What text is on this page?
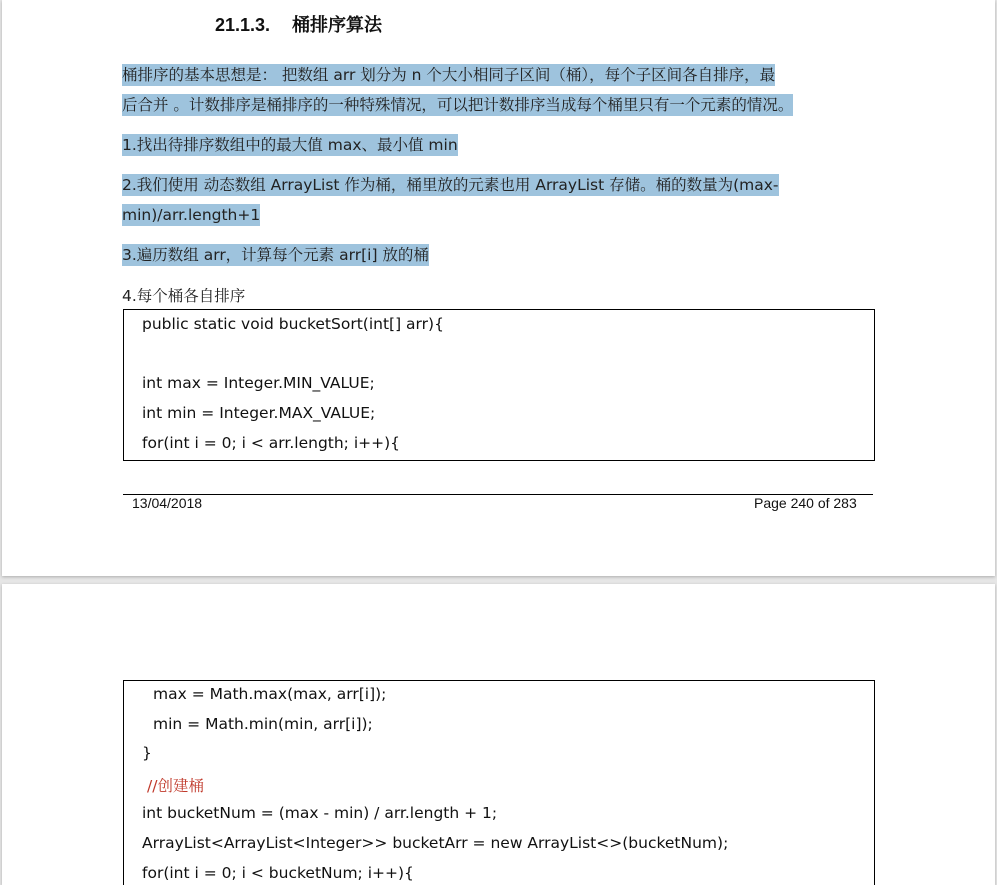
21.1.3. 桶排序算法
桶排序的基本思想是： 把数组 arr 划分为 n 个大小相同子区间（桶），每个子区间各自排序，最
后合并 。计数排序是桶排序的一种特殊情况，可以把计数排序当成每个桶里只有一个元素的情况。
1.找出待排序数组中的最大值 max、最小值 min
2.我们使用 动态数组 ArrayList 作为桶，桶里放的元素也用 ArrayList 存储。桶的数量为(max-
min)/arr.length+1
3.遍历数组 arr，计算每个元素 arr[i] 放的桶
4.每个桶各自排序
public static void bucketSort(int[] arr){
int max = Integer.MIN_VALUE;
int min = Integer.MAX_VALUE;
for(int i = 0; i < arr.length; i++){
13/04/2018	Page 240 of 283
max = Math.max(max, arr[i]);
min = Math.min(min, arr[i]);
}
//创建桶
int bucketNum = (max - min) / arr.length + 1;
ArrayList<ArrayList<Integer>> bucketArr = new ArrayList<>(bucketNum);
for(int i = 0; i < bucketNum; i++){
